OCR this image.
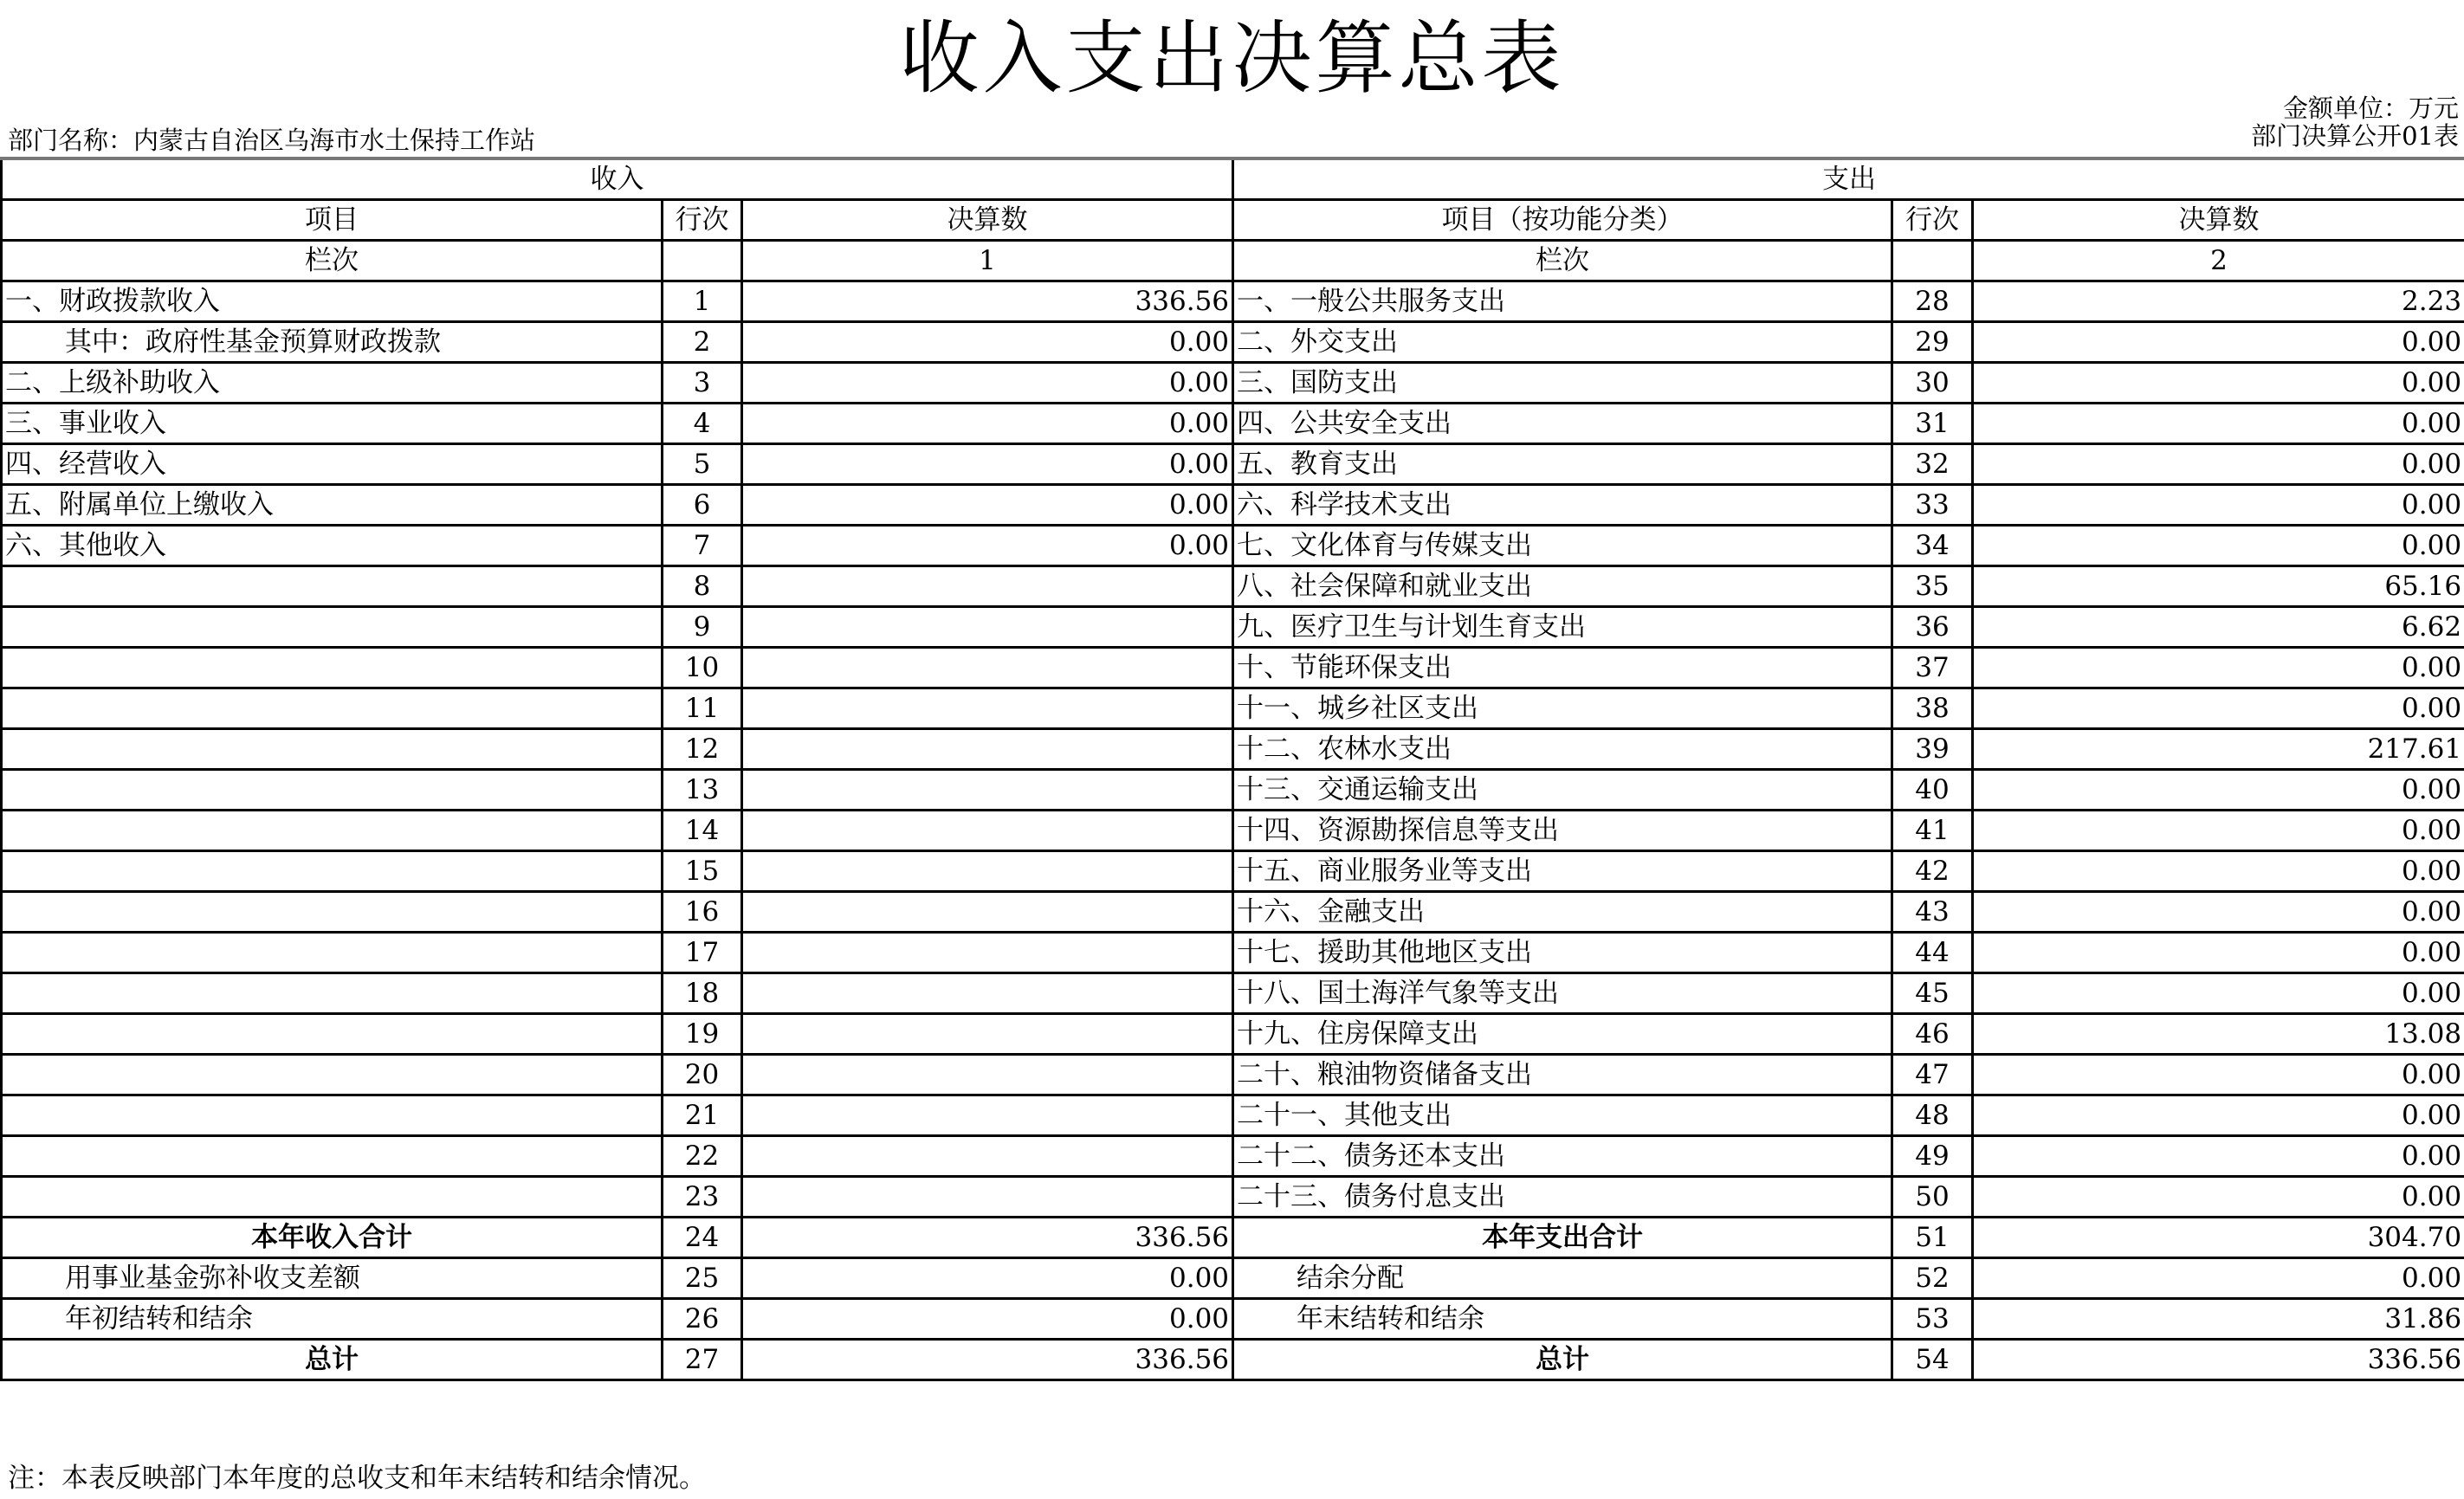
收入支出决算总表
金额单位：万元
部门决算公开01表
部门名称：内蒙古自治区乌海市水土保持工作站
收入			支出		
项目	行次	决算数	项目（按功能分类）	行次	决算数
栏次		1	栏次		2
一、财政拨款收入	1	336.56	一、一般公共服务支出	28	2.23
其中：政府性基金预算财政拨款	2	0.00	二、外交支出	29	0.00
二、上级补助收入	3	0.00	三、国防支出	30	0.00
三、事业收入	4	0.00	四、公共安全支出	31	0.00
四、经营收入	5	0.00	五、教育支出	32	0.00
五、附属单位上缴收入	6	0.00	六、科学技术支出	33	0.00
六、其他收入	7	0.00	七、文化体育与传媒支出	34	0.00
	8		八、社会保障和就业支出	35	65.16
	9		九、医疗卫生与计划生育支出	36	6.62
	10		十、节能环保支出	37	0.00
	11		十一、城乡社区支出	38	0.00
	12		十二、农林水支出	39	217.61
	13		十三、交通运输支出	40	0.00
	14		十四、资源勘探信息等支出	41	0.00
	15		十五、商业服务业等支出	42	0.00
	16		十六、金融支出	43	0.00
	17		十七、援助其他地区支出	44	0.00
	18		十八、国土海洋气象等支出	45	0.00
	19		十九、住房保障支出	46	13.08
	20		二十、粮油物资储备支出	47	0.00
	21		二十一、其他支出	48	0.00
	22		二十二、债务还本支出	49	0.00
	23		二十三、债务付息支出	50	0.00
本年收入合计	24	336.56	本年支出合计	51	304.70
用事业基金弥补收支差额	25	0.00	结余分配	52	0.00
年初结转和结余	26	0.00	年末结转和结余	53	31.86
总计	27	336.56	总计	54	336.56
注：本表反映部门本年度的总收支和年末结转和结余情况。
